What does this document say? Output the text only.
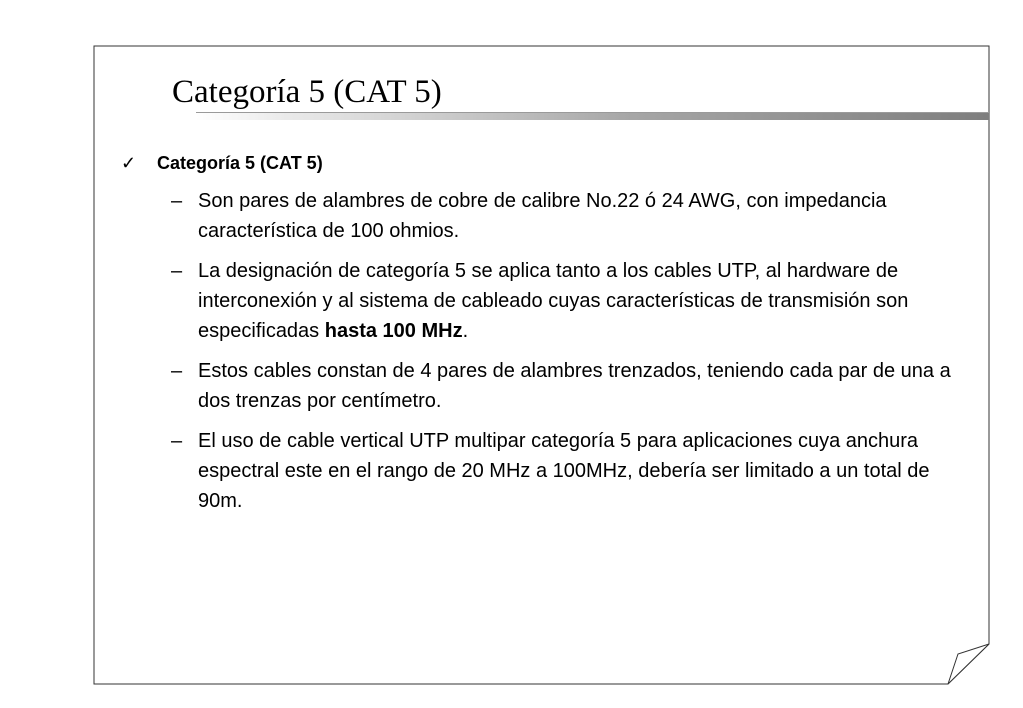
Categoría 5 (CAT 5)
✓ Categoría 5 (CAT 5)
– Son pares de alambres de cobre de calibre No.22 ó 24 AWG, con impedancia característica de 100 ohmios.
– La designación de categoría 5 se aplica tanto a los cables UTP, al hardware de interconexión y al sistema de cableado cuyas características de transmisión son especificadas hasta 100 MHz.
– Estos cables constan de 4 pares de alambres trenzados, teniendo cada par de una a dos trenzas por centímetro.
– El uso de cable vertical UTP multipar categoría 5 para aplicaciones cuya anchura espectral este en el rango de 20 MHz a 100MHz, debería ser limitado a un total de 90m.
